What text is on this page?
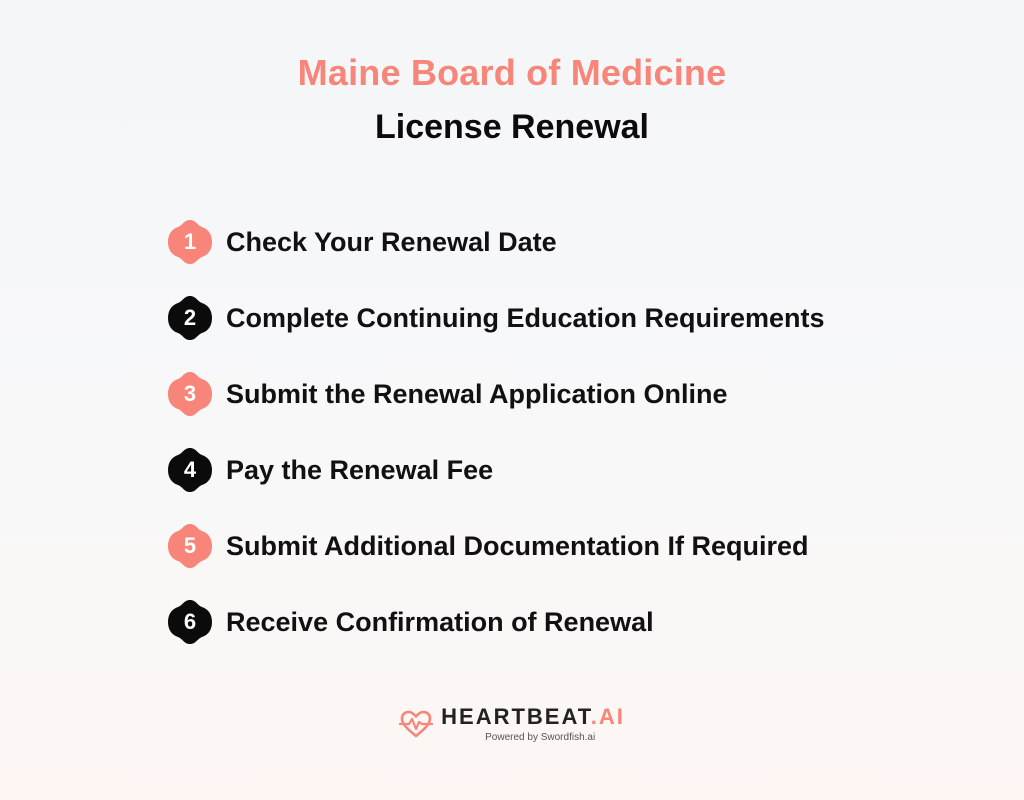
Maine Board of Medicine
License Renewal
1	Check Your Renewal Date
2	Complete Continuing Education Requirements
3	Submit the Renewal Application Online
4	Pay the Renewal Fee
5	Submit Additional Documentation If Required
6	Receive Confirmation of Renewal
HEARTBEAT.AI
Powered by Swordfish.ai
